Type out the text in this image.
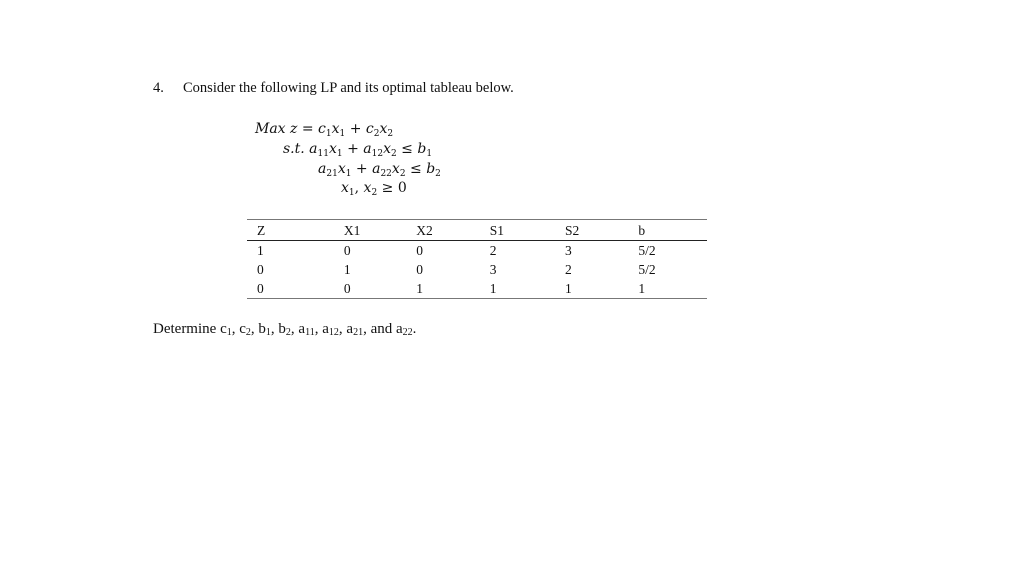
4. Consider the following LP and its optimal tableau below.
Max $z = c_1x_1 + c_2x_2$
s.t. $a_{11}x_1 + a_{12}x_2 \le b_1$
$a_{21}x_1 + a_{22}x_2 \le b_2$
$x_1$, $x_2 \ge 0$
Z	X1	X2	S1	S2	b
1	0	0	2	3	5/2
0	1	0	3	2	5/2
0	0	1	1	1	1
Determine $c_1$, $c_2$, $b_1$, $b_2$, $a_{11}$, $a_{12}$, $a_{21}$, and $a_{22}$.
